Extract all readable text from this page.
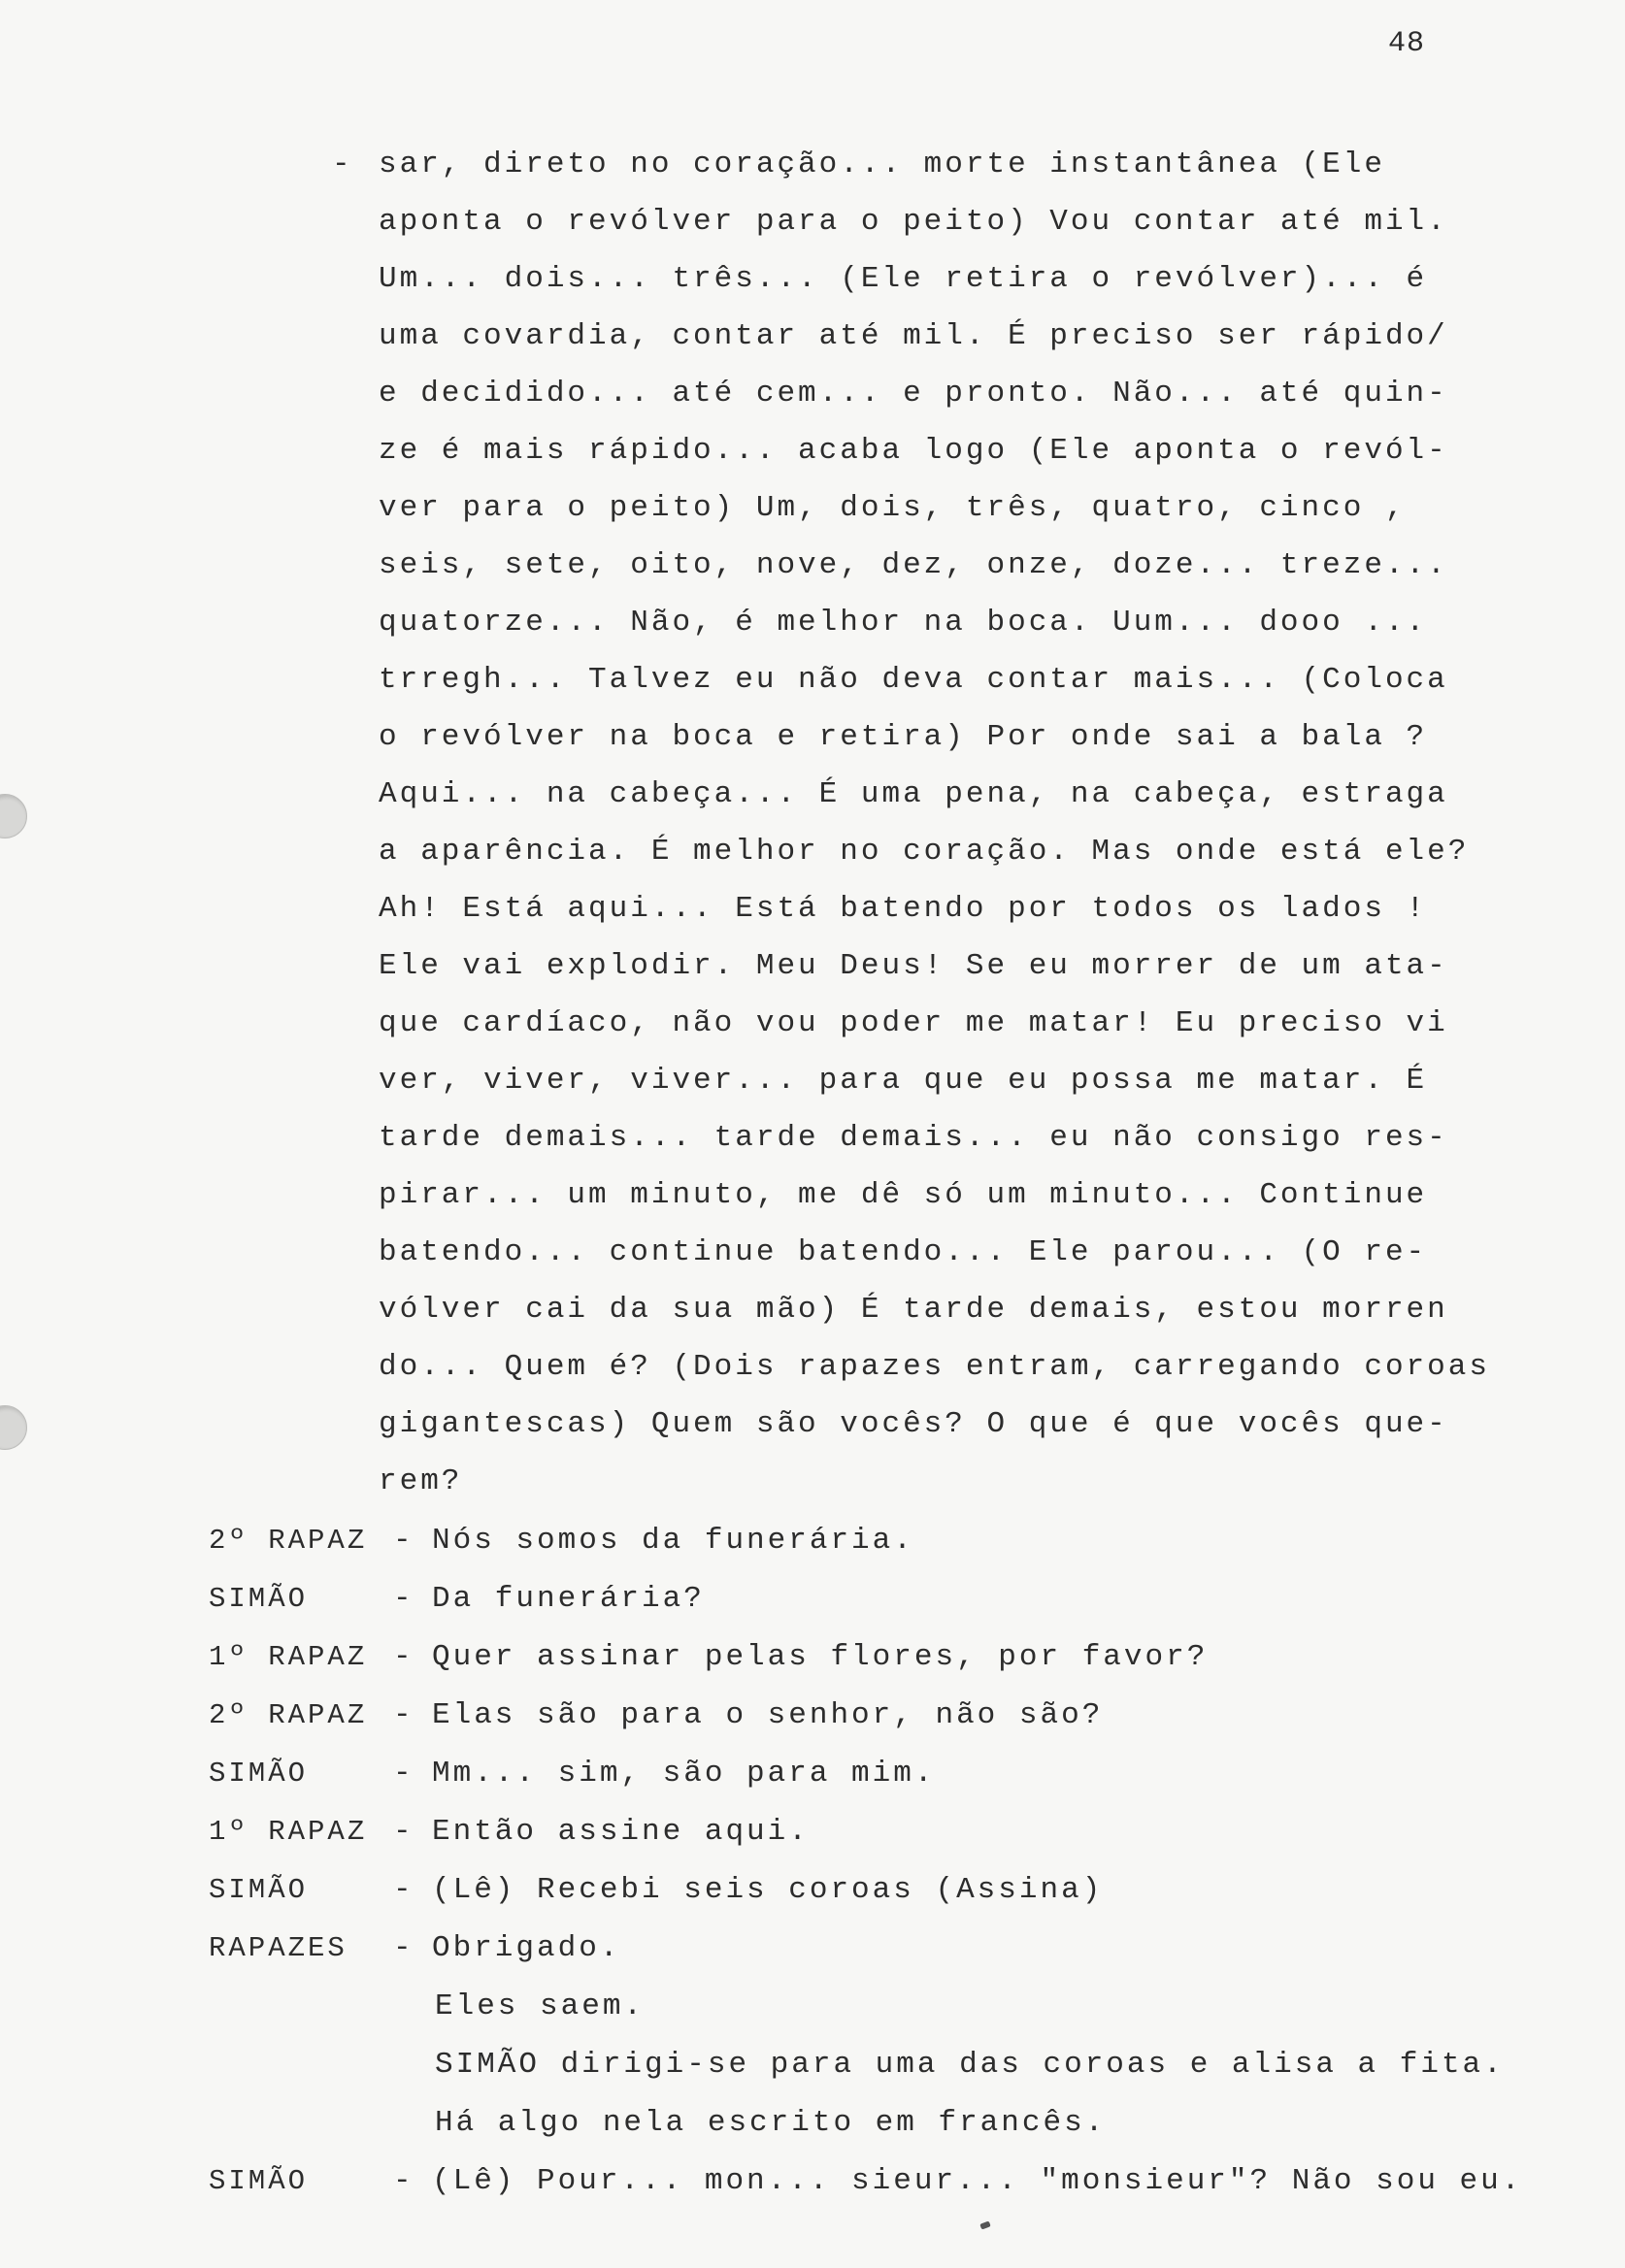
48
- sar, direto no coração... morte instantânea (Ele
aponta o revólver para o peito) Vou contar até mil.
Um... dois... três... (Ele retira o revólver)... é
uma covardia, contar até mil. É preciso ser rápido/
e decidido... até cem... e pronto. Não... até quin-
ze é mais rápido... acaba logo (Ele aponta o revól-
ver para o peito) Um, dois, três, quatro, cinco ,
seis, sete, oito, nove, dez, onze, doze... treze...
quatorze... Não, é melhor na boca. Uum... dooo ...
trregh... Talvez eu não deva contar mais... (Coloca
o revólver na boca e retira) Por onde sai a bala ?
Aqui... na cabeça... É uma pena, na cabeça, estraga
a aparência. É melhor no coração. Mas onde está ele?
Ah! Está aqui... Está batendo por todos os lados !
Ele vai explodir. Meu Deus! Se eu morrer de um ata-
que cardíaco, não vou poder me matar! Eu preciso vi
ver, viver, viver... para que eu possa me matar. É
tarde demais... tarde demais... eu não consigo res-
pirar... um minuto, me dê só um minuto... Continue
batendo... continue batendo... Ele parou... (O re-
vólver cai da sua mão) É tarde demais, estou morren
do... Quem é? (Dois rapazes entram, carregando coroas
gigantescas) Quem são vocês? O que é que vocês que-
rem?
2º RAPAZ - Nós somos da funerária.
SIMÃO	- Da funerária?
1º RAPAZ - Quer assinar pelas flores, por favor?
2º RAPAZ - Elas são para o senhor, não são?
SIMÃO	- Mm... sim, são para mim.
1º RAPAZ - Então assine aqui.
SIMÃO	- (Lê) Recebi seis coroas (Assina)
RAPAZES - Obrigado.
Eles saem.
SIMÃO dirigi-se para uma das coroas e alisa a fita.
Há algo nela escrito em francês.
SIMÃO	- (Lê) Pour... mon... sieur... "monsieur"? Não sou eu.
